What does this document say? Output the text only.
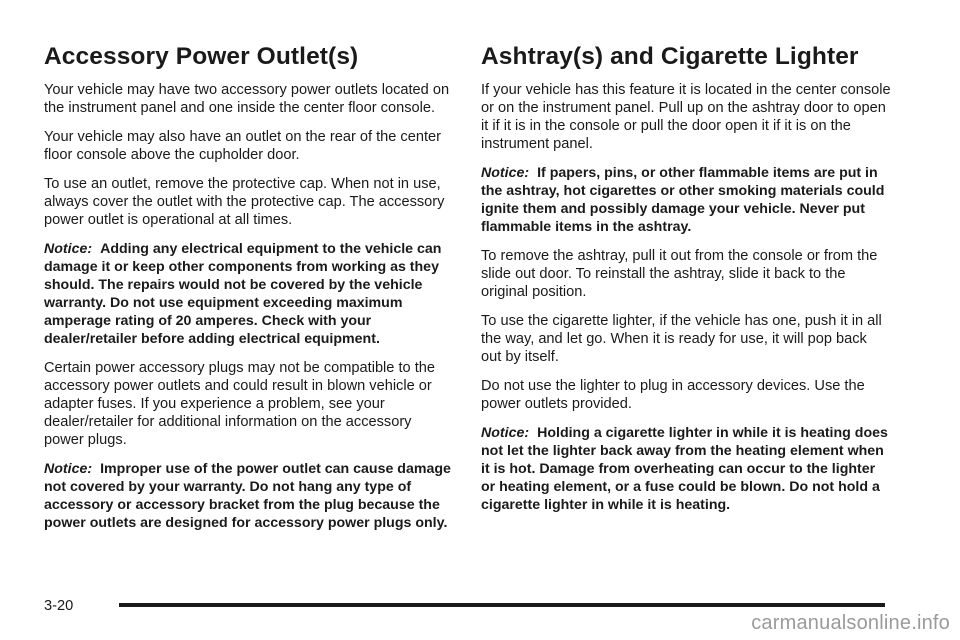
Accessory Power Outlet(s)

Your vehicle may have two accessory power outlets located on the instrument panel and one inside the center floor console.

Your vehicle may also have an outlet on the rear of the center floor console above the cupholder door.

To use an outlet, remove the protective cap. When not in use, always cover the outlet with the protective cap. The accessory power outlet is operational at all times.

Notice: Adding any electrical equipment to the vehicle can damage it or keep other components from working as they should. The repairs would not be covered by the vehicle warranty. Do not use equipment exceeding maximum amperage rating of 20 amperes. Check with your dealer/retailer before adding electrical equipment.

Certain power accessory plugs may not be compatible to the accessory power outlets and could result in blown vehicle or adapter fuses. If you experience a problem, see your dealer/retailer for additional information on the accessory power plugs.

Notice: Improper use of the power outlet can cause damage not covered by your warranty. Do not hang any type of accessory or accessory bracket from the plug because the power outlets are designed for accessory power plugs only.

Ashtray(s) and Cigarette Lighter

If your vehicle has this feature it is located in the center console or on the instrument panel. Pull up on the ashtray door to open it if it is in the console or pull the door open it if it is on the instrument panel.

Notice: If papers, pins, or other flammable items are put in the ashtray, hot cigarettes or other smoking materials could ignite them and possibly damage your vehicle. Never put flammable items in the ashtray.

To remove the ashtray, pull it out from the console or from the slide out door. To reinstall the ashtray, slide it back to the original position.

To use the cigarette lighter, if the vehicle has one, push it in all the way, and let go. When it is ready for use, it will pop back out by itself.

Do not use the lighter to plug in accessory devices. Use the power outlets provided.

Notice: Holding a cigarette lighter in while it is heating does not let the lighter back away from the heating element when it is hot. Damage from overheating can occur to the lighter or heating element, or a fuse could be blown. Do not hold a cigarette lighter in while it is heating.

3-20
carmanualsonline.info
